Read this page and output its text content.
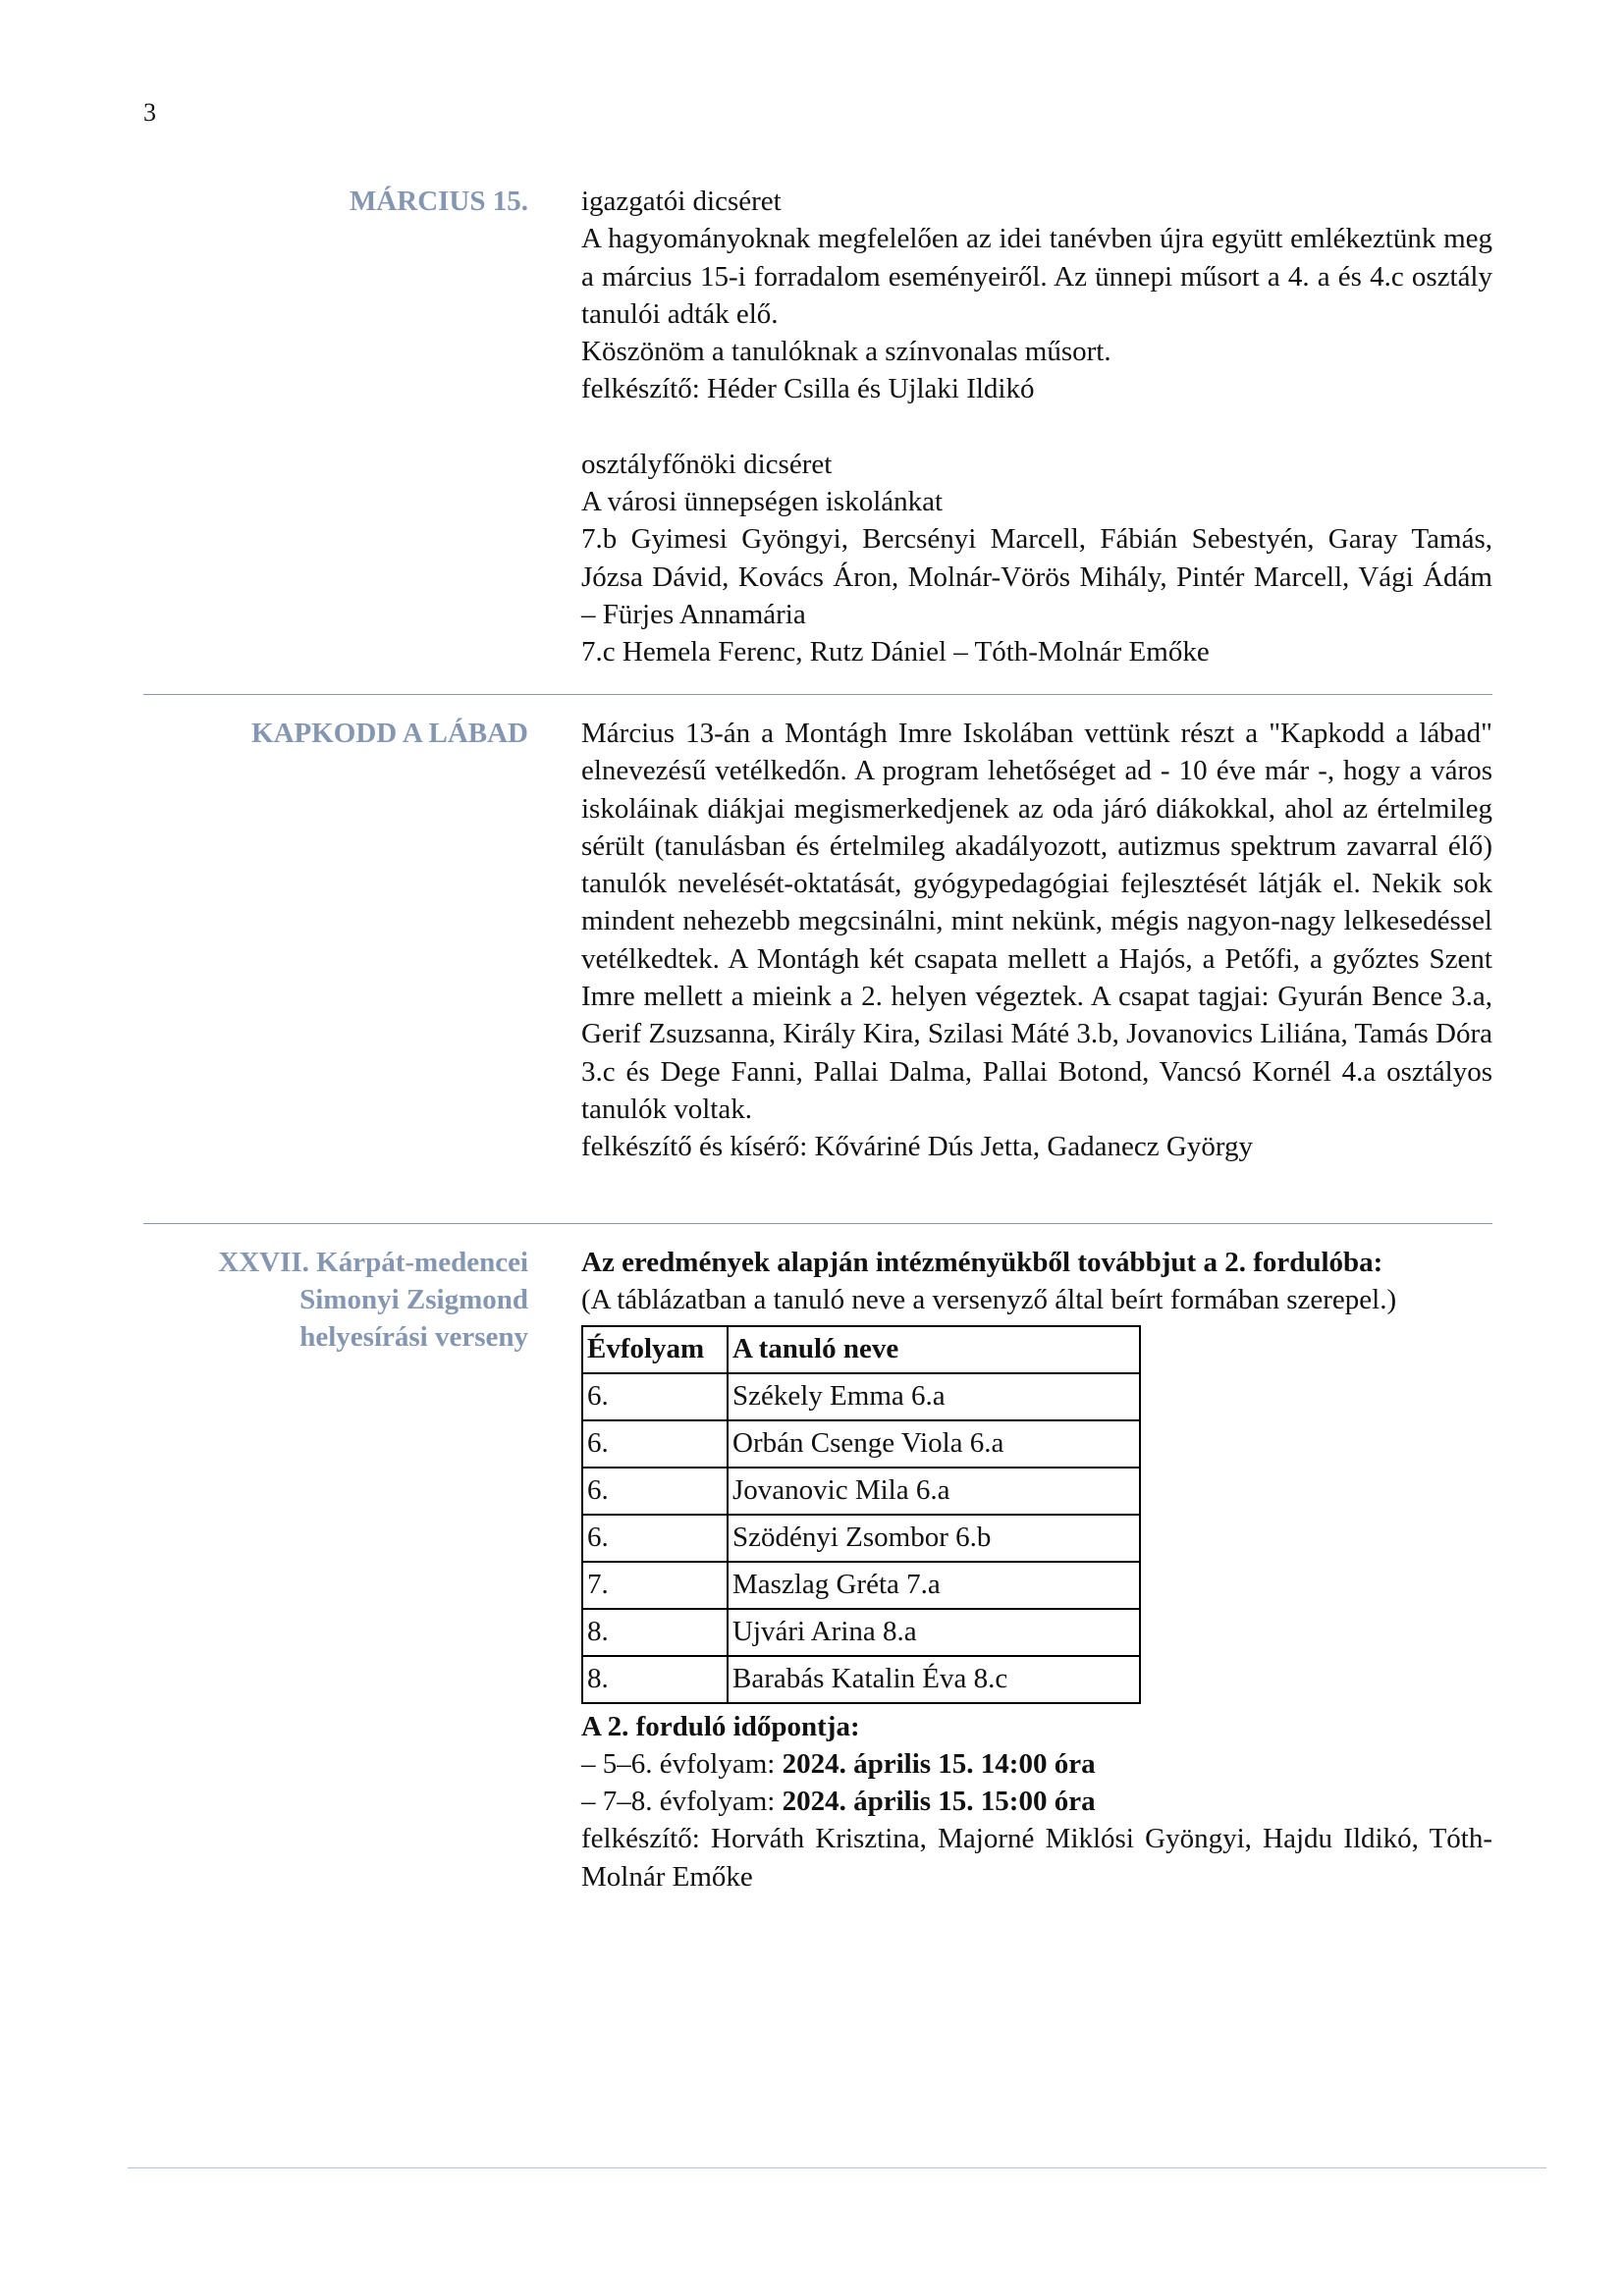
3
MÁRCIUS 15. igazgatói dicséret

A hagyományoknak megfelelően az idei tanévben újra együtt emlékeztünk meg a március 15-i forradalom eseményeiről. Az ünnepi műsort a 4. a és 4.c osztály tanulói adták elő.

Köszönöm a tanulóknak a színvonalas műsort.

felkészítő: Héder Csilla és Ujlaki Ildikó

osztályfőnöki dicséret

A városi ünnepségen iskolánkat

7.b Gyimesi Gyöngyi, Bercsényi Marcell, Fábián Sebestyén, Garay Tamás, Józsa Dávid, Kovács Áron, Molnár-Vörös Mihály, Pintér Marcell, Vági Ádám – Fürjes Annamária

7.c Hemela Ferenc, Rutz Dániel – Tóth-Molnár Emőke

KAPKODD A LÁBAD Március 13-án a Montágh Imre Iskolában vettünk részt a "Kapkodd a lábad" elnevezésű vetélkedőn. A program lehetőséget ad - 10 éve már -, hogy a város iskoláinak diákjai megismerkedjenek az oda járó diákokkal, ahol az értelmileg sérült (tanulásban és értelmileg akadályozott, autizmus spektrum zavarral élő) tanulók nevelését-oktatását, gyógypedagógiai fejlesztését látják el. Nekik sok mindent nehezebb megcsinálni, mint nekünk, mégis nagyon-nagy lelkesedéssel vetélkedtek. A Montágh két csapata mellett a Hajós, a Petőfi, a győztes Szent Imre mellett a mieink a 2. helyen végeztek. A csapat tagjai: Gyurán Bence 3.a, Gerif Zsuzsanna, Király Kira, Szilasi Máté 3.b, Jovanovics Liliána, Tamás Dóra 3.c és Dege Fanni, Pallai Dalma, Pallai Botond, Vancsó Kornél 4.a osztályos tanulók voltak.

felkészítő és kísérő: Kőváriné Dús Jetta, Gadanecz György

XXVII. Kárpát-medencei
Simonyi Zsigmond
helyesírási verseny

Az eredmények alapján intézményükből továbbjut a 2. fordulóba:

(A táblázatban a tanuló neve a versenyző által beírt formában szerepel.)

Évfolyam	A tanuló neve
6.	Székely Emma 6.a
6.	Orbán Csenge Viola 6.a
6.	Jovanovic Mila 6.a
6.	Szödényi Zsombor 6.b
7.	Maszlag Gréta 7.a
8.	Ujvári Arina 8.a
8.	Barabás Katalin Éva 8.c

A 2. forduló időpontja:

– 5–6. évfolyam: 2024. április 15. 14:00 óra

– 7–8. évfolyam: 2024. április 15. 15:00 óra

felkészítő: Horváth Krisztina, Majorné Miklósi Gyöngyi, Hajdu Ildikó, Tóth-Molnár Emőke
